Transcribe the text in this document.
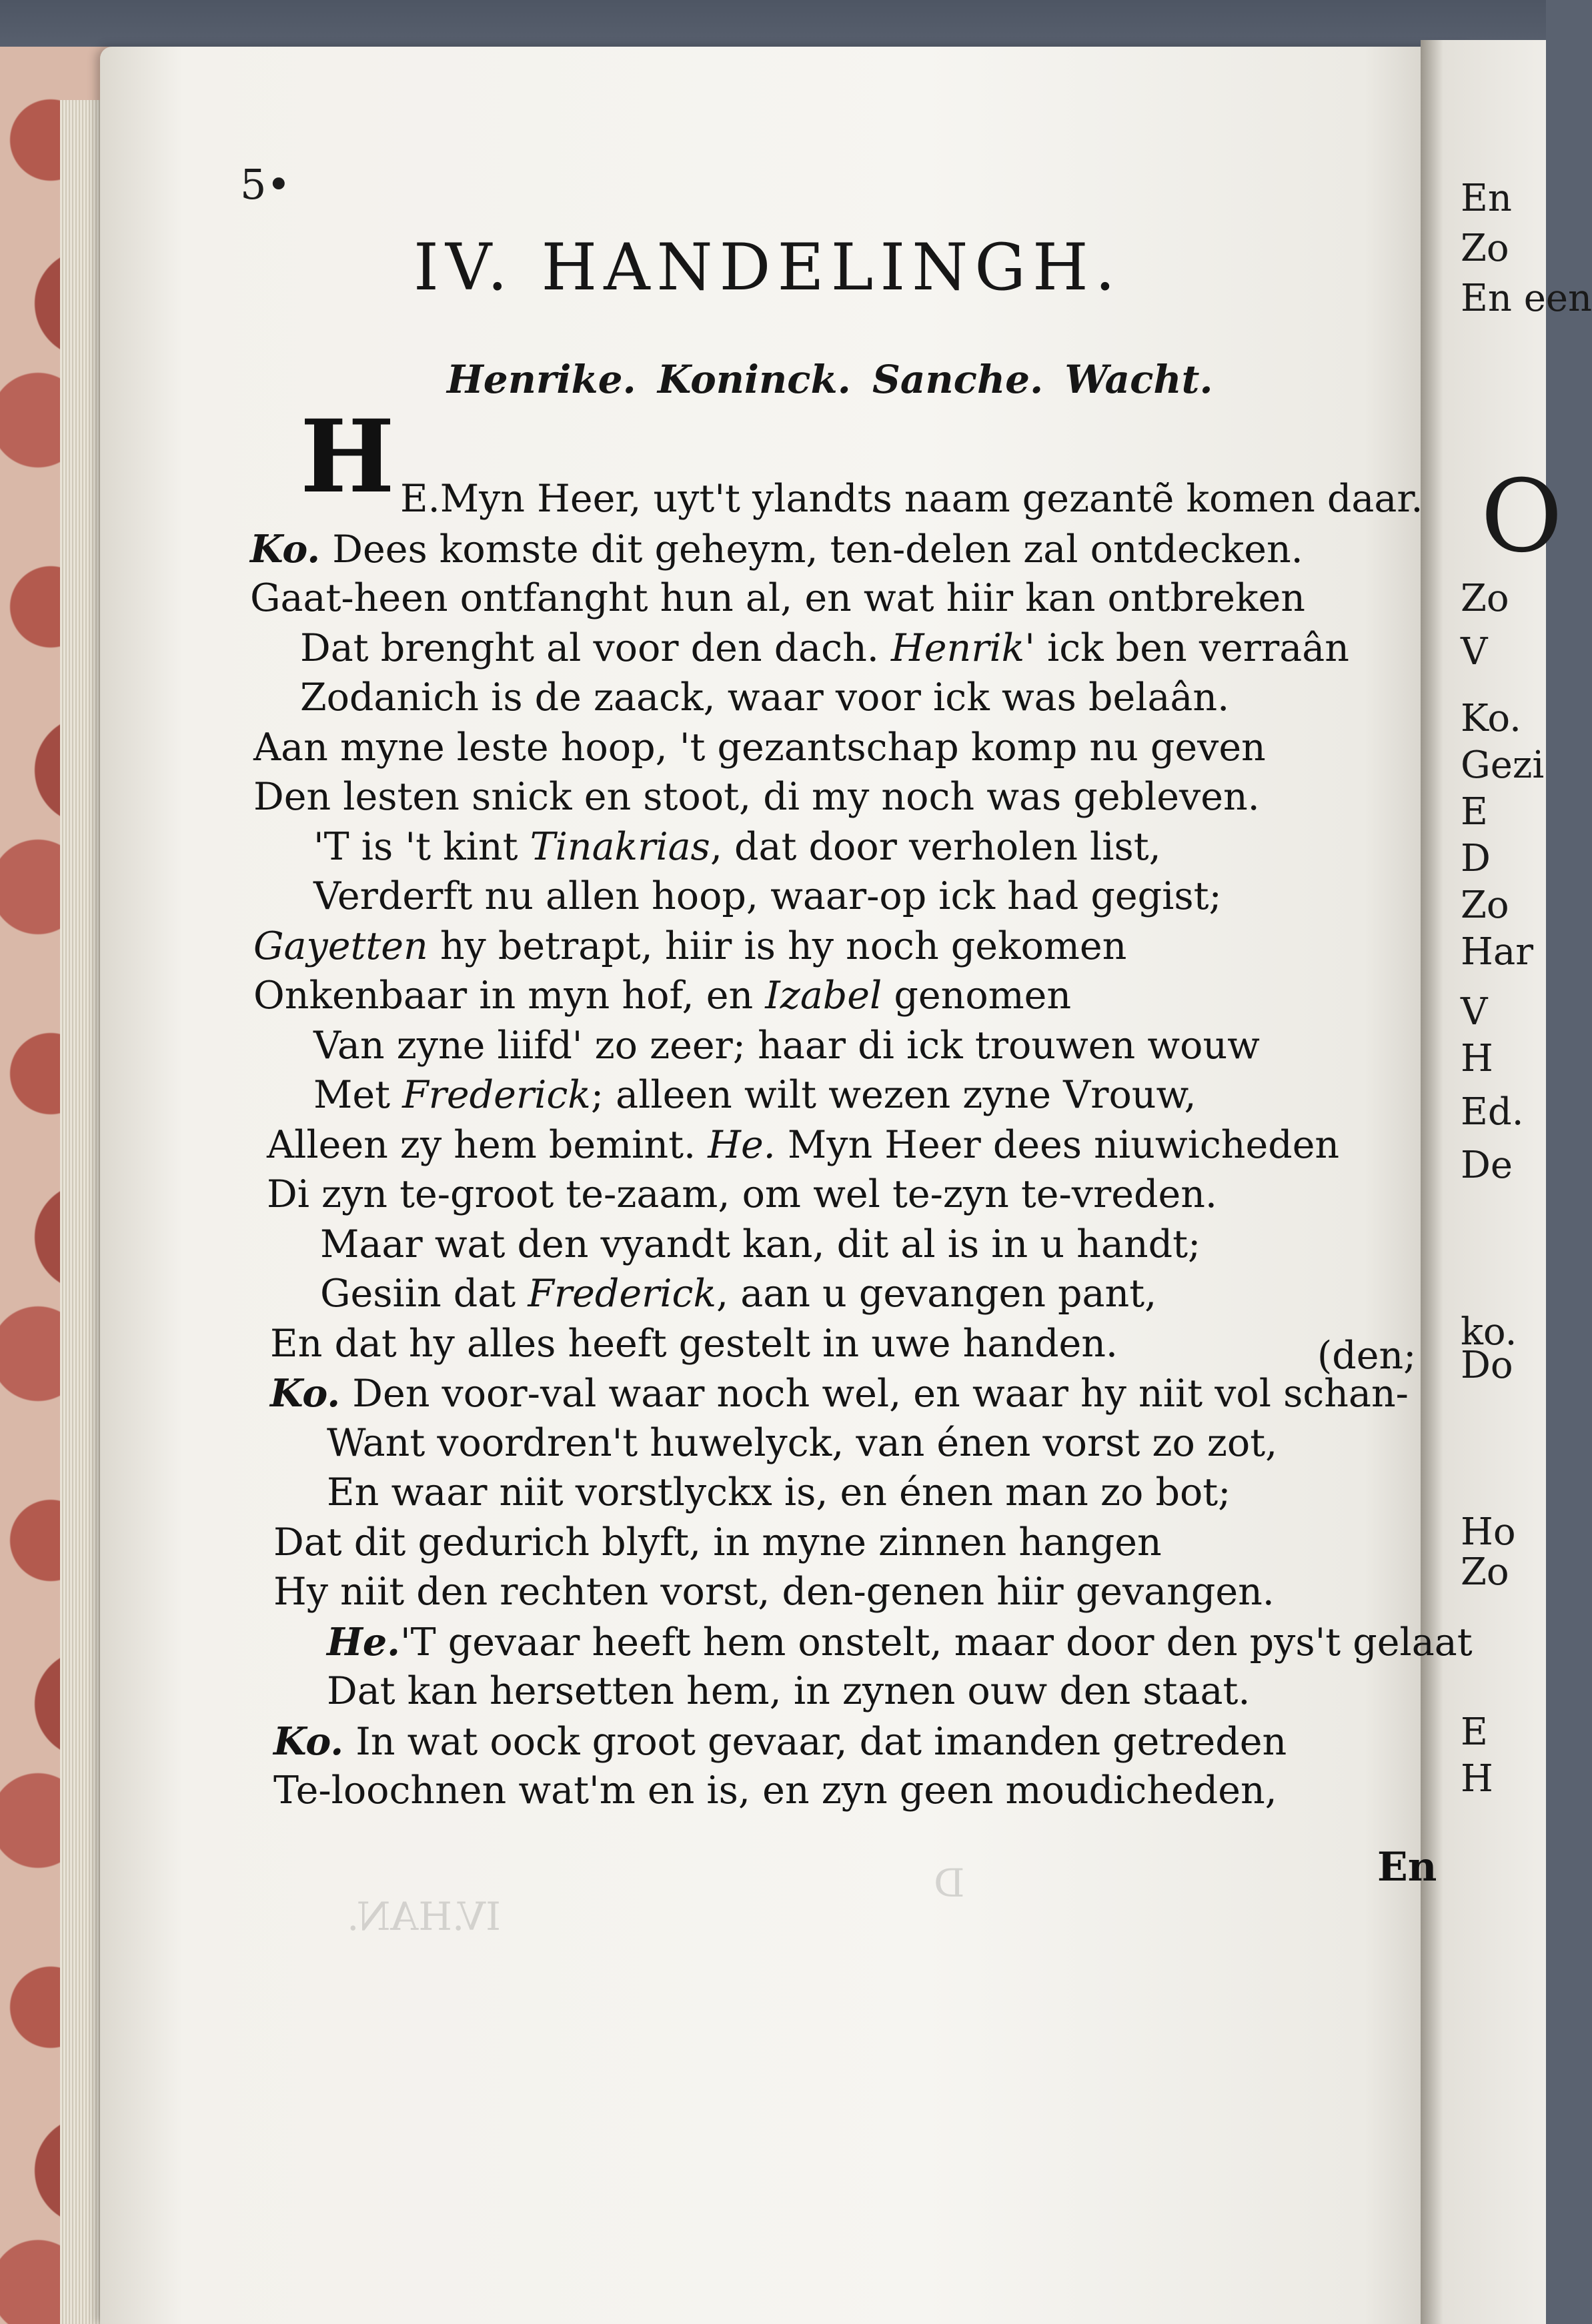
En
Zo
En een
O
Zo
V
Ko.
Gezi
E
D
Zo
Har
V
H
Ed.
De
ko.
Do
Ho
Zo
E
H
IV.HAN.
D
5•
IV. HANDELINGH.
Henrike. Koninck. Sanche. Wacht.
H E.Myn Heer, uyt't ylandts naam gezantẽ komen daar.
Ko. Dees komste dit geheym, ten-delen zal ontdecken.
Gaat-heen ontfanght hun al, en wat hiir kan ontbreken
Dat brenght al voor den dach. Henrik' ick ben verraân
Zodanich is de zaack, waar voor ick was belaân.
Aan myne leste hoop, 't gezantschap komp nu geven
Den lesten snick en stoot, di my noch was gebleven.
'T is 't kint Tinakrias, dat door verholen list,
Verderft nu allen hoop, waar-op ick had gegist;
Gayetten hy betrapt, hiir is hy noch gekomen
Onkenbaar in myn hof, en Izabel genomen
Van zyne liifd' zo zeer; haar di ick trouwen wouw
Met Frederick; alleen wilt wezen zyne Vrouw,
Alleen zy hem bemint. He. Myn Heer dees niuwicheden
Di zyn te-groot te-zaam, om wel te-zyn te-vreden.
Maar wat den vyandt kan, dit al is in u handt;
Gesiin dat Frederick, aan u gevangen pant,
En dat hy alles heeft gestelt in uwe handen.
Ko. Den voor-val waar noch wel, en waar hy niit vol schan-
Want voordren't huwelyck, van énen vorst zo zot,
En waar niit vorstlyckx is, en énen man zo bot;
Dat dit gedurich blyft, in myne zinnen hangen
Hy niit den rechten vorst, den-genen hiir gevangen.
He.'T gevaar heeft hem onstelt, maar door den pys't gelaat
Dat kan hersetten hem, in zynen ouw den staat.
Ko. In wat oock groot gevaar, dat imanden getreden
Te-loochnen wat'm en is, en zyn geen moudicheden,
(den;
En
